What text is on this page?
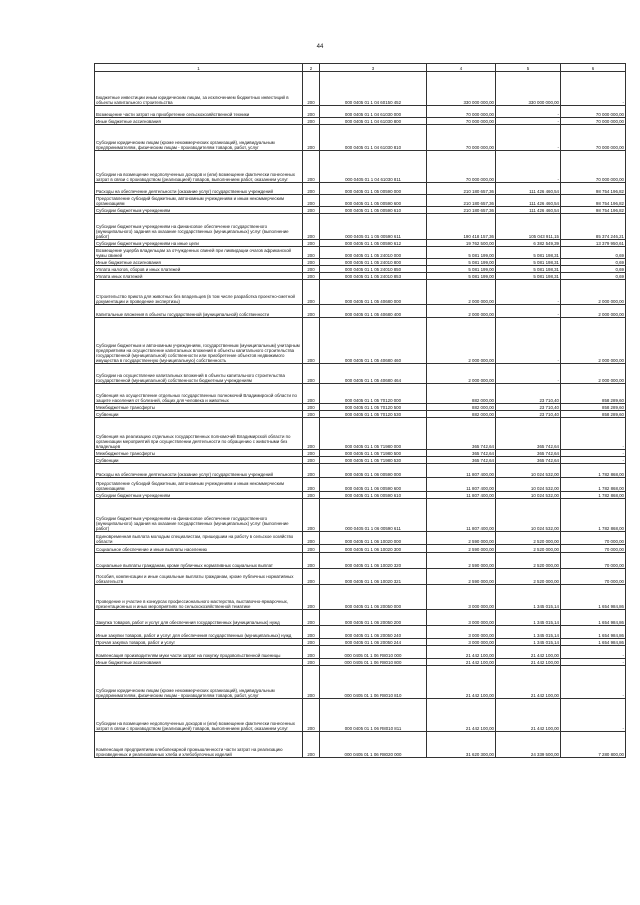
44
1	2	3	4	5	6
Бюджетные инвестиции иным юридическим лицам, за исключением бюджетных инвестиций в объекты капитального строительства	200	000 0405 01 1 04 60150 452	330 000 000,00	330 000 000,00	-
Возмещение части затрат на приобретение сельскохозяйственной техники	200	000 0405 01 1 04 61030 000	70 000 000,00	-	70 000 000,00
Иные бюджетные ассигнования	200	000 0405 01 1 04 61030 800	70 000 000,00	-	70 000 000,00
Субсидии юридическим лицам (кроме некоммерческих организаций), индивидуальным предпринимателям, физическим лицам - производителям товаров, работ, услуг	200	000 0405 01 1 04 61030 810	70 000 000,00	-	70 000 000,00
Субсидии на возмещение недополученных доходов и (или) возмещение фактически понесенных затрат в связи с производством (реализацией) товаров, выполнением работ, оказанием услуг	200	000 0405 01 1 04 61030 811	70 000 000,00	-	70 000 000,00
Расходы на обеспечение деятельности (оказание услуг) государственных учреждений	200	000 0405 01 1 05 00590 000	210 180 657,36	111 426 460,54	98 754 196,82
Предоставление субсидий бюджетным, автономным учреждениям и иным некоммерческим организациям	200	000 0405 01 1 05 00590 600	210 180 657,36	111 426 460,54	98 754 196,82
Субсидии бюджетным учреждениям	200	000 0405 01 1 05 00590 610	210 180 657,36	111 426 460,54	98 754 196,82
Субсидии бюджетным учреждениям на финансовое обеспечение государственного (муниципального) задания на оказание государственных (муниципальных) услуг (выполнение работ)	200	000 0405 01 1 05 00590 611	190 418 157,36	105 043 911,15	85 374 246,21
Субсидии бюджетным учреждениям на иные цели	200	000 0405 01 1 05 00590 612	19 762 500,00	6 382 549,39	13 379 950,61
Возмещение ущерба владельцам за отчужденных свиней при ликвидации очагов африканской чумы свиней	200	000 0405 01 1 05 24010 000	5 081 199,00	5 081 198,31	0,69
Иные бюджетные ассигнования	200	000 0405 01 1 05 24010 800	5 081 199,00	5 081 198,31	0,69
Уплата налогов, сборов и иных платежей	200	000 0405 01 1 05 24010 850	5 081 199,00	5 081 198,31	0,69
Уплата иных платежей	200	000 0405 01 1 05 24010 853	5 081 199,00	5 081 198,31	0,69
Строительство приюта для животных без владельцев (в том числе разработка проектно-сметной документации и проведение экспертизы)	200	000 0405 01 1 05 40680 000	2 000 000,00	-	2 000 000,00
Капитальные вложения в объекты государственной (муниципальной) собственности	200	000 0405 01 1 05 40680 400	2 000 000,00	-	2 000 000,00
Субсидии бюджетным и автономным учреждениям, государственным (муниципальным) унитарным предприятиям на осуществление капитальных вложений в объекты капитального строительства государственной (муниципальной) собственности или приобретение объектов недвижимого имущества в государственную (муниципальную) собственность	200	000 0405 01 1 05 40680 460	2 000 000,00	-	2 000 000,00
Субсидии на осуществление капитальных вложений в объекты капитального строительства государственной (муниципальной) собственности бюджетным учреждениям	200	000 0405 01 1 05 40680 464	2 000 000,00	-	2 000 000,00
Субвенция на осуществление отдельных государственных полномочий Владимирской области по защите населения от болезней, общих для человека и животных	200	000 0405 01 1 05 70120 000	882 000,00	23 710,40	858 289,60
Межбюджетные трансферты	200	000 0405 01 1 05 70120 500	882 000,00	23 710,40	858 289,60
Субвенции	200	000 0405 01 1 05 70120 530	882 000,00	23 710,40	858 289,60
Субвенция на реализацию отдельных государственных полномочий Владимирской области по организации мероприятий при осуществлении деятельности по обращению с животными без владельцев	200	000 0405 01 1 05 71980 000	365 742,64	365 742,64	-
Межбюджетные трансферты	200	000 0405 01 1 05 71980 500	365 742,64	365 742,64	-
Субвенции	200	000 0405 01 1 05 71980 530	365 742,64	365 742,64	-
Расходы на обеспечение деятельности (оказание услуг) государственных учреждений	200	000 0405 01 1 06 00590 000	11 807 400,00	10 024 532,00	1 782 868,00
Предоставление субсидий бюджетным, автономным учреждениям и иным некоммерческим организациям	200	000 0405 01 1 06 00590 600	11 807 400,00	10 024 532,00	1 782 868,00
Субсидии бюджетным учреждениям	200	000 0405 01 1 06 00590 610	11 807 400,00	10 024 532,00	1 782 868,00
Субсидии бюджетным учреждениям на финансовое обеспечение государственного (муниципального) задания на оказание государственных (муниципальных) услуг (выполнение работ)	200	000 0405 01 1 06 00590 611	11 807 400,00	10 024 532,00	1 782 868,00
Единовременная выплата молодым специалистам, пришедшим на работу в сельское хозяйство области	200	000 0405 01 1 06 10020 000	2 590 000,00	2 520 000,00	70 000,00
Социальное обеспечение и иные выплаты населению	200	000 0405 01 1 06 10020 300	2 590 000,00	2 520 000,00	70 000,00
Социальные выплаты гражданам, кроме публичных нормативных социальных выплат	200	000 0405 01 1 06 10020 320	2 590 000,00	2 520 000,00	70 000,00
Пособия, компенсации и иные социальные выплаты гражданам, кроме публичных нормативных обязательств	200	000 0405 01 1 06 10020 321	2 590 000,00	2 520 000,00	70 000,00
Проведение и участие в конкурсах профессионального мастерства, выставочно-ярмарочных, презентационных и иных мероприятиях по сельскохозяйственной тематике	200	000 0405 01 1 06 20050 000	3 000 000,00	1 345 015,14	1 654 984,86
Закупка товаров, работ и услуг для обеспечения государственных (муниципальных) нужд	200	000 0405 01 1 06 20050 200	3 000 000,00	1 345 015,14	1 654 984,86
Иные закупки товаров, работ и услуг для обеспечения государственных (муниципальных) нужд	200	000 0405 01 1 06 20050 240	3 000 000,00	1 345 015,14	1 654 984,86
Прочая закупка товаров, работ и услуг	200	000 0405 01 1 06 20050 244	3 000 000,00	1 345 015,14	1 654 984,86
Компенсация производителям муки части затрат на покупку продовольственной пшеницы	200	000 0405 01 1 06 R8010 000	21 442 100,00	21 442 100,00	-
Иные бюджетные ассигнования	200	000 0405 01 1 06 R8010 800	21 442 100,00	21 442 100,00	-
Субсидии юридическим лицам (кроме некоммерческих организаций), индивидуальным предпринимателям, физическим лицам - производителям товаров, работ, услуг	200	000 0405 01 1 06 R8010 810	21 442 100,00	21 442 100,00	-
Субсидии на возмещение недополученных доходов и (или) возмещение фактически понесенных затрат в связи с производством (реализацией) товаров, выполнением работ, оказанием услуг	200	000 0405 01 1 06 R8010 811	21 442 100,00	21 442 100,00	-
Компенсация предприятиям хлебопекарной промышленности части затрат на реализацию произведенных и реализованных хлеба и хлебобулочных изделий	200	000 0405 01 1 06 R8020 000	31 620 300,00	24 339 500,00	7 280 800,00
